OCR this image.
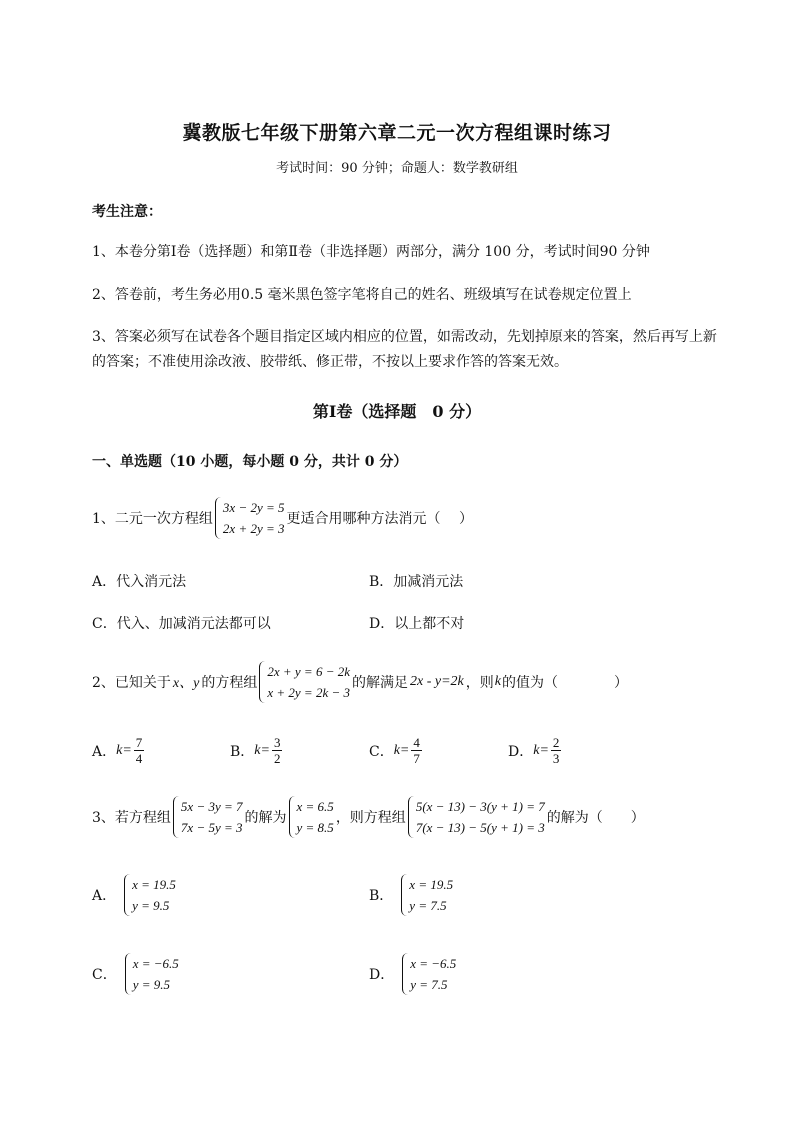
冀教版七年级下册第六章二元一次方程组课时练习
考试时间：90 分钟；命题人：数学教研组
考生注意：
1、本卷分第Ⅰ卷（选择题）和第Ⅱ卷（非选择题）两部分，满分 100 分，考试时间90 分钟
2、答卷前，考生务必用0.5 毫米黑色签字笔将自己的姓名、班级填写在试卷规定位置上
3、答案必须写在试卷各个题目指定区域内相应的位置，如需改动，先划掉原来的答案，然后再写上新
的答案；不准使用涂改液、胶带纸、修正带，不按以上要求作答的答案无效。
第Ⅰ卷（选择题　0 分）
一、单选题（10 小题，每小题 0 分，共计 0 分）
1、二元一次方程组
3x − 2y = 5
2x + 2y = 3
更适合用哪种方法消元（　 ）
A．代入消元法	B．加减消元法
C．代入、加减消元法都可以	D．以上都不对
2、已知关于 x、y 的方程组
2x + y = 6 − 2k
x + 2y = 2k − 3
的解满足 2x - y=2k ，则 k 的值为（　　　　）
A． $k= \frac{7}{4}$	B． $k= \frac{3}{2}$	C． $k= \frac{4}{7}$	D． $k= \frac{2}{3}$
3、若方程组
5x − 3y = 7
7x − 5y = 3
的解为
x = 6.5
y = 8.5
，则方程组
5(x − 13) − 3(y + 1) = 7
7(x − 13) − 5(y + 1) = 3
的解为（　　）
A．
x = 19.5
y = 9.5
B．
x = 19.5
y = 7.5
C．
x = −6.5
y = 9.5
D．
x = −6.5
y = 7.5
